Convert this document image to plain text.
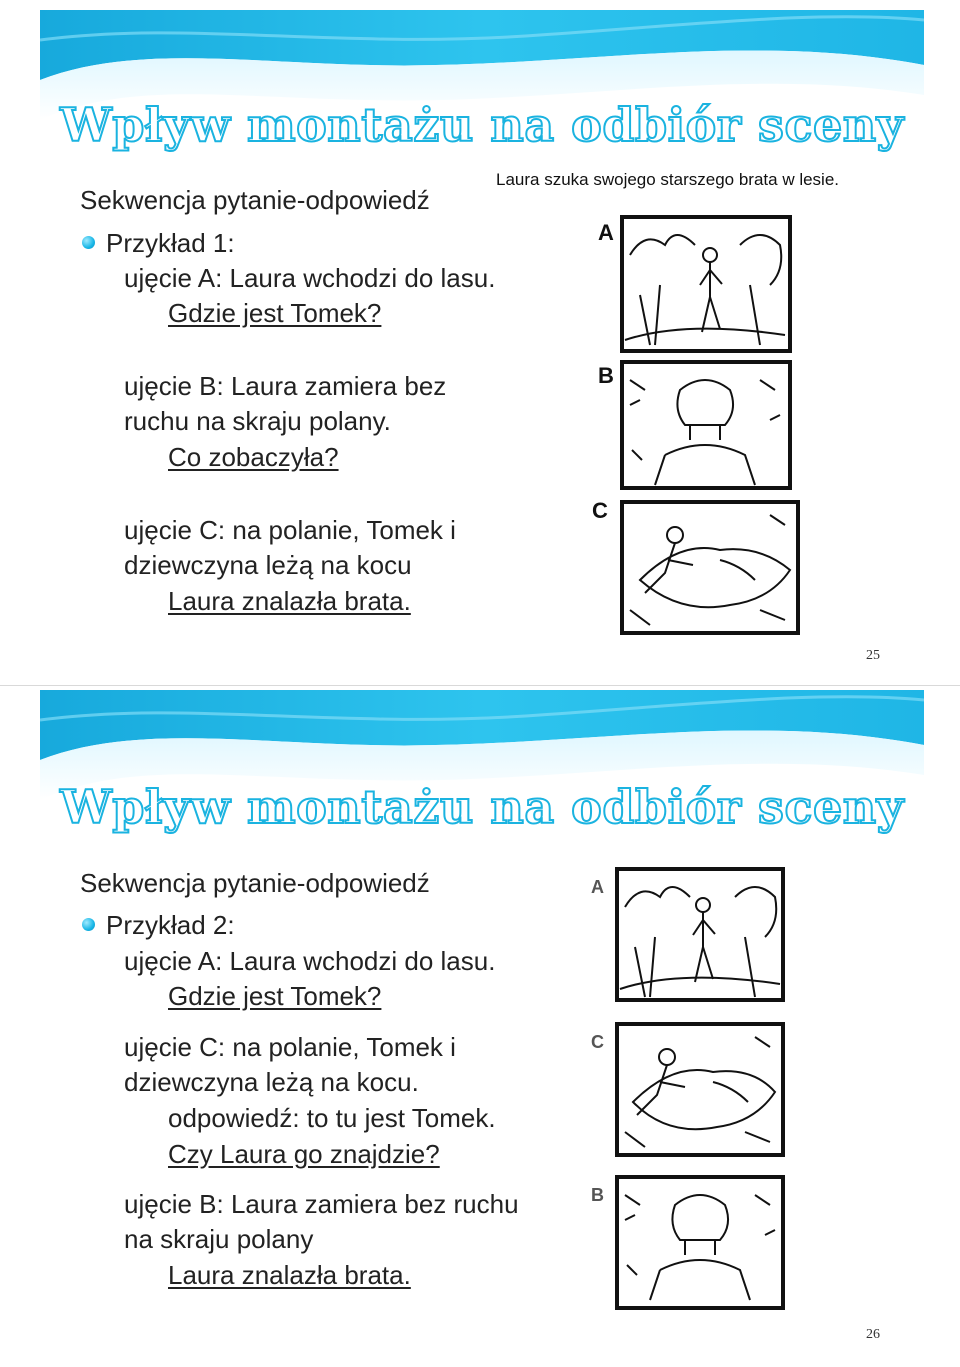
Wpływ montażu na odbiór sceny
Sekwencja pytanie-odpowiedź
Przykład 1:
ujęcie A: Laura wchodzi do lasu.
Gdzie jest Tomek?
ujęcie B: Laura zamiera bez
ruchu na skraju polany.
Co zobaczyła?
ujęcie C: na polanie, Tomek i
dziewczyna leżą na kocu
Laura znalazła brata.
Laura szuka swojego starszego brata w lesie.
A
B
C
25
Wpływ montażu na odbiór sceny
Sekwencja pytanie-odpowiedź
Przykład 2:
ujęcie A: Laura wchodzi do lasu.
Gdzie jest Tomek?
ujęcie C: na polanie, Tomek i
dziewczyna leżą na kocu.
odpowiedź: to tu jest Tomek.
Czy Laura go znajdzie?
ujęcie B: Laura zamiera bez ruchu
na skraju polany
Laura znalazła brata.
A
C
B
26
